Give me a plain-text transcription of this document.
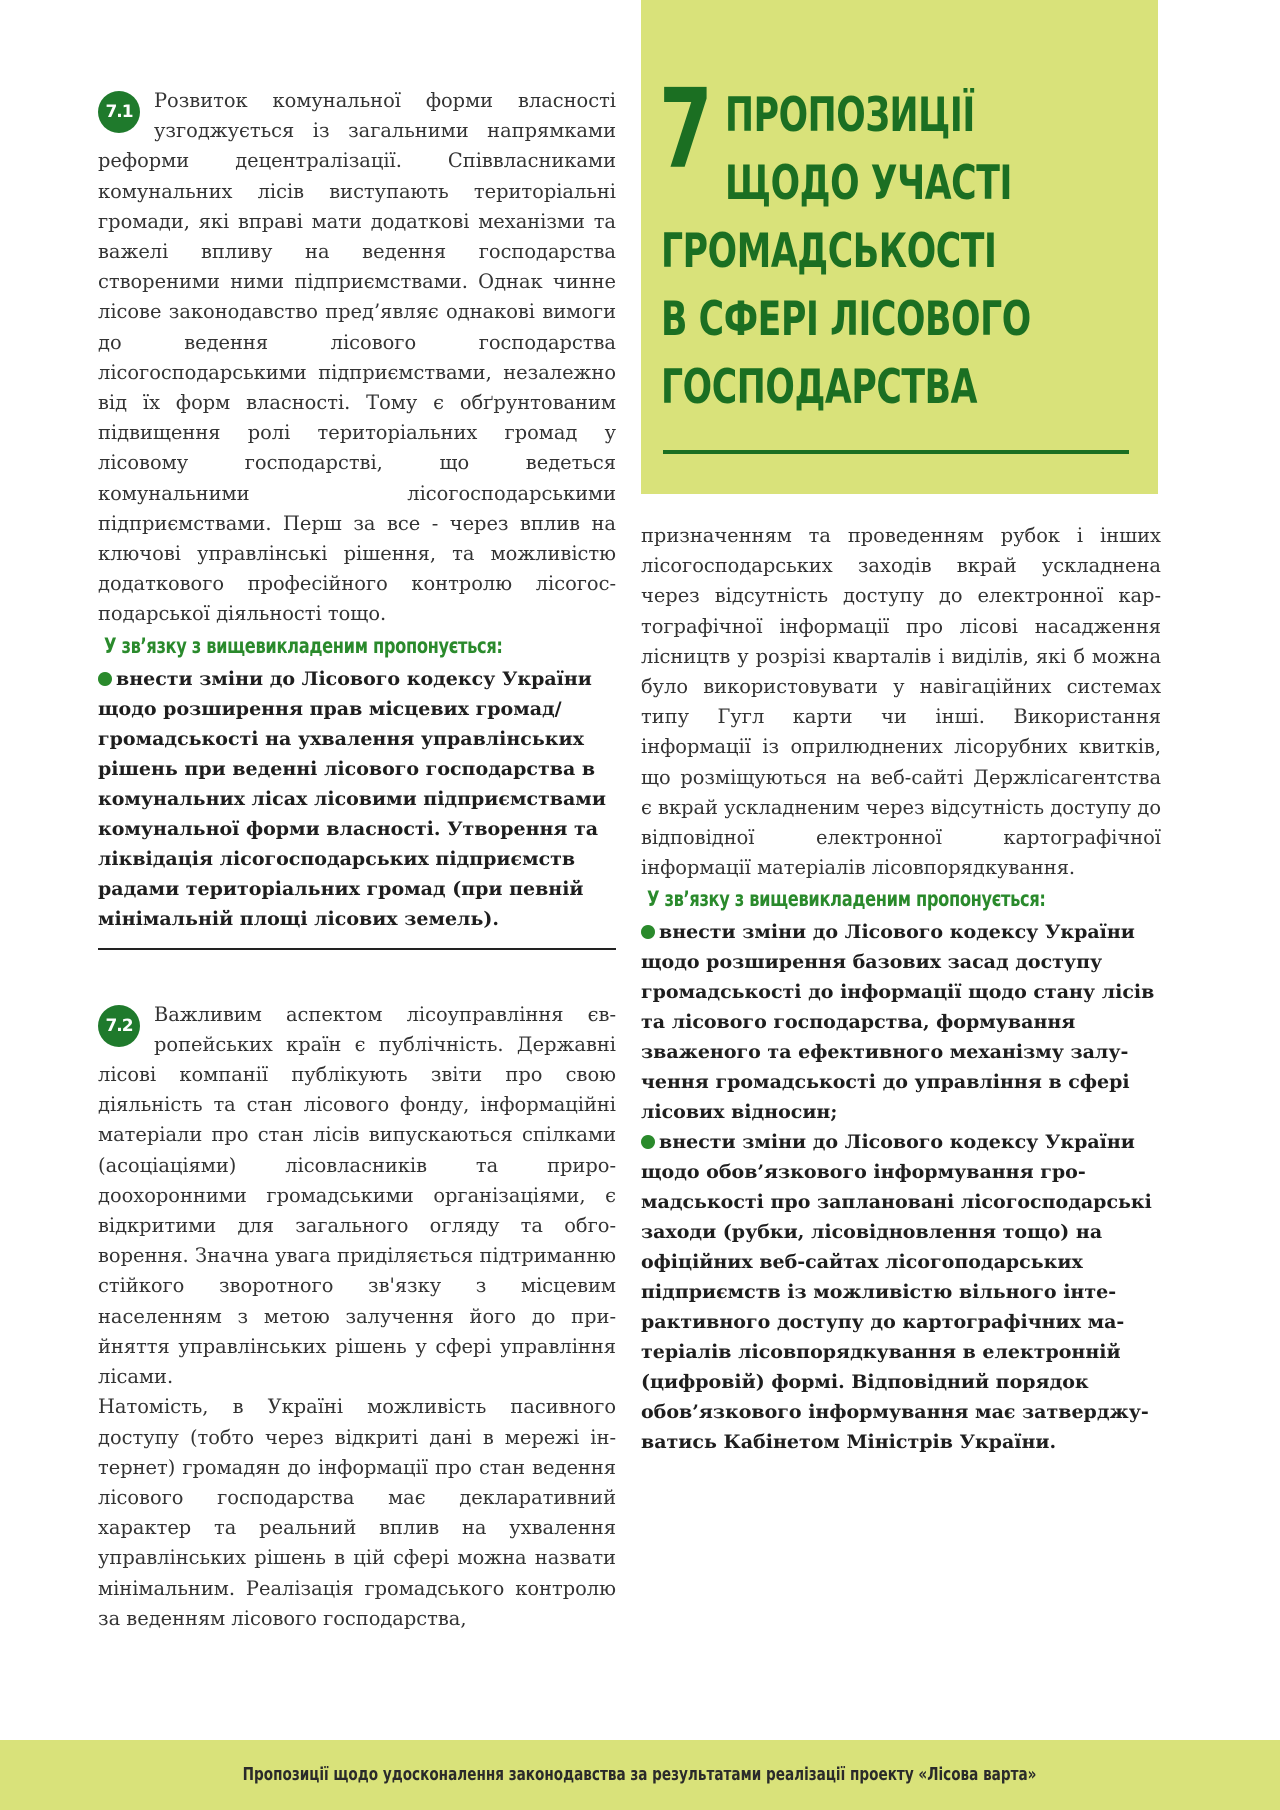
7 ПРОПОЗИЦІЇ
ЩОДО УЧАСТІ
ГРОМАДСЬКОСТІ
В СФЕРІ ЛІСОВОГО
ГОСПОДАРСТВА
7.1	Розвиток комунальної форми власності узгоджується із загальними напрямками реформи децентралізації. Співвласниками комунальних лісів виступають територіальні громади, які вправі мати додаткові механізми та важелі впливу на ведення господарства створеними ними підприємствами. Однак чинне лісове законодавство пред’являє однакові вимоги до ведення лісового господарства лісогосподарськими підприємствами, незалежно від їх форм власності. Тому є обґрунтованим підвищення ролі територіальних громад у лісовому господарстві, що ведеться комунальними лісогосподарськими підприємствами. Перш за все - через вплив на ключові управлінські рішення, та можливістю додаткового професійного контролю лісогосподарської діяльності тощо.

У зв’язку з вищевикладеним пропонується:
внести зміни до Лісового кодексу України щодо розширення прав місцевих громад/ громадськості на ухвалення управлінських рішень при веденні лісового господарства в комунальних лісах лісовими підприємствами комунальної форми власності. Утворення та ліквідація лісогосподарських підприємств радами територіальних громад (при певній мінімальній площі лісових земель).
7.2	Важливим аспектом лісоуправління європейських країн є публічність. Державні лісові компанії публікують звіти про свою діяльність та стан лісового фонду, інформаційні матеріали про стан лісів випускаються спілками (асоціаціями) лісовласників та природоохоронними громадськими організаціями, є відкритими для загального огляду та обговорення. Значна увага приділяється підтриманню стійкого зворотного зв'язку з місцевим населенням з метою залучення його до прийняття управлінських рішень у сфері управління лісами.

Натомість, в Україні можливість пасивного доступу (тобто через відкриті дані в мережі інтернет) громадян до інформації про стан ведення лісового господарства має декларативний характер та реальний вплив на ухвалення управлінських рішень в цій сфері можна назвати мінімальним. Реалізація громадського контролю за веденням лісового господарства,

призначенням та проведенням рубок і інших лісогосподарських заходів вкрай ускладнена через відсутність доступу до електронної картографічної інформації про лісові насадження лісництв у розрізі кварталів і виділів, які б можна було використовувати у навігаційних системах типу Гугл карти чи інші. Використання інформації із оприлюднених лісорубних квитків, що розміщуються на веб-сайті Держлісагентства є вкрай ускладненим через відсутність доступу до відповідної електронної картографічної інформації матеріалів лісовпорядкування.

У зв’язку з вищевикладеним пропонується:
внести зміни до Лісового кодексу України щодо розширення базових засад доступу громадськості до інформації щодо стану лісів та лісового господарства, формування зваженого та ефективного механізму залучення громадськості до управління в сфері лісових відносин;
внести зміни до Лісового кодексу України щодо обов’язкового інформування громадськості про заплановані лісогосподарські заходи (рубки, лісовідновлення тощо) на офіційних веб-сайтах лісогоподарських підприємств із можливістю вільного інтерактивного доступу до картографічних матеріалів лісовпорядкування в електронній (цифровій) формі. Відповідний порядок обов’язкового інформування має затверджуватись Кабінетом Міністрів України.
Пропозиції щодо удосконалення законодавства за результатами реалізації проекту «Лісова варта»
